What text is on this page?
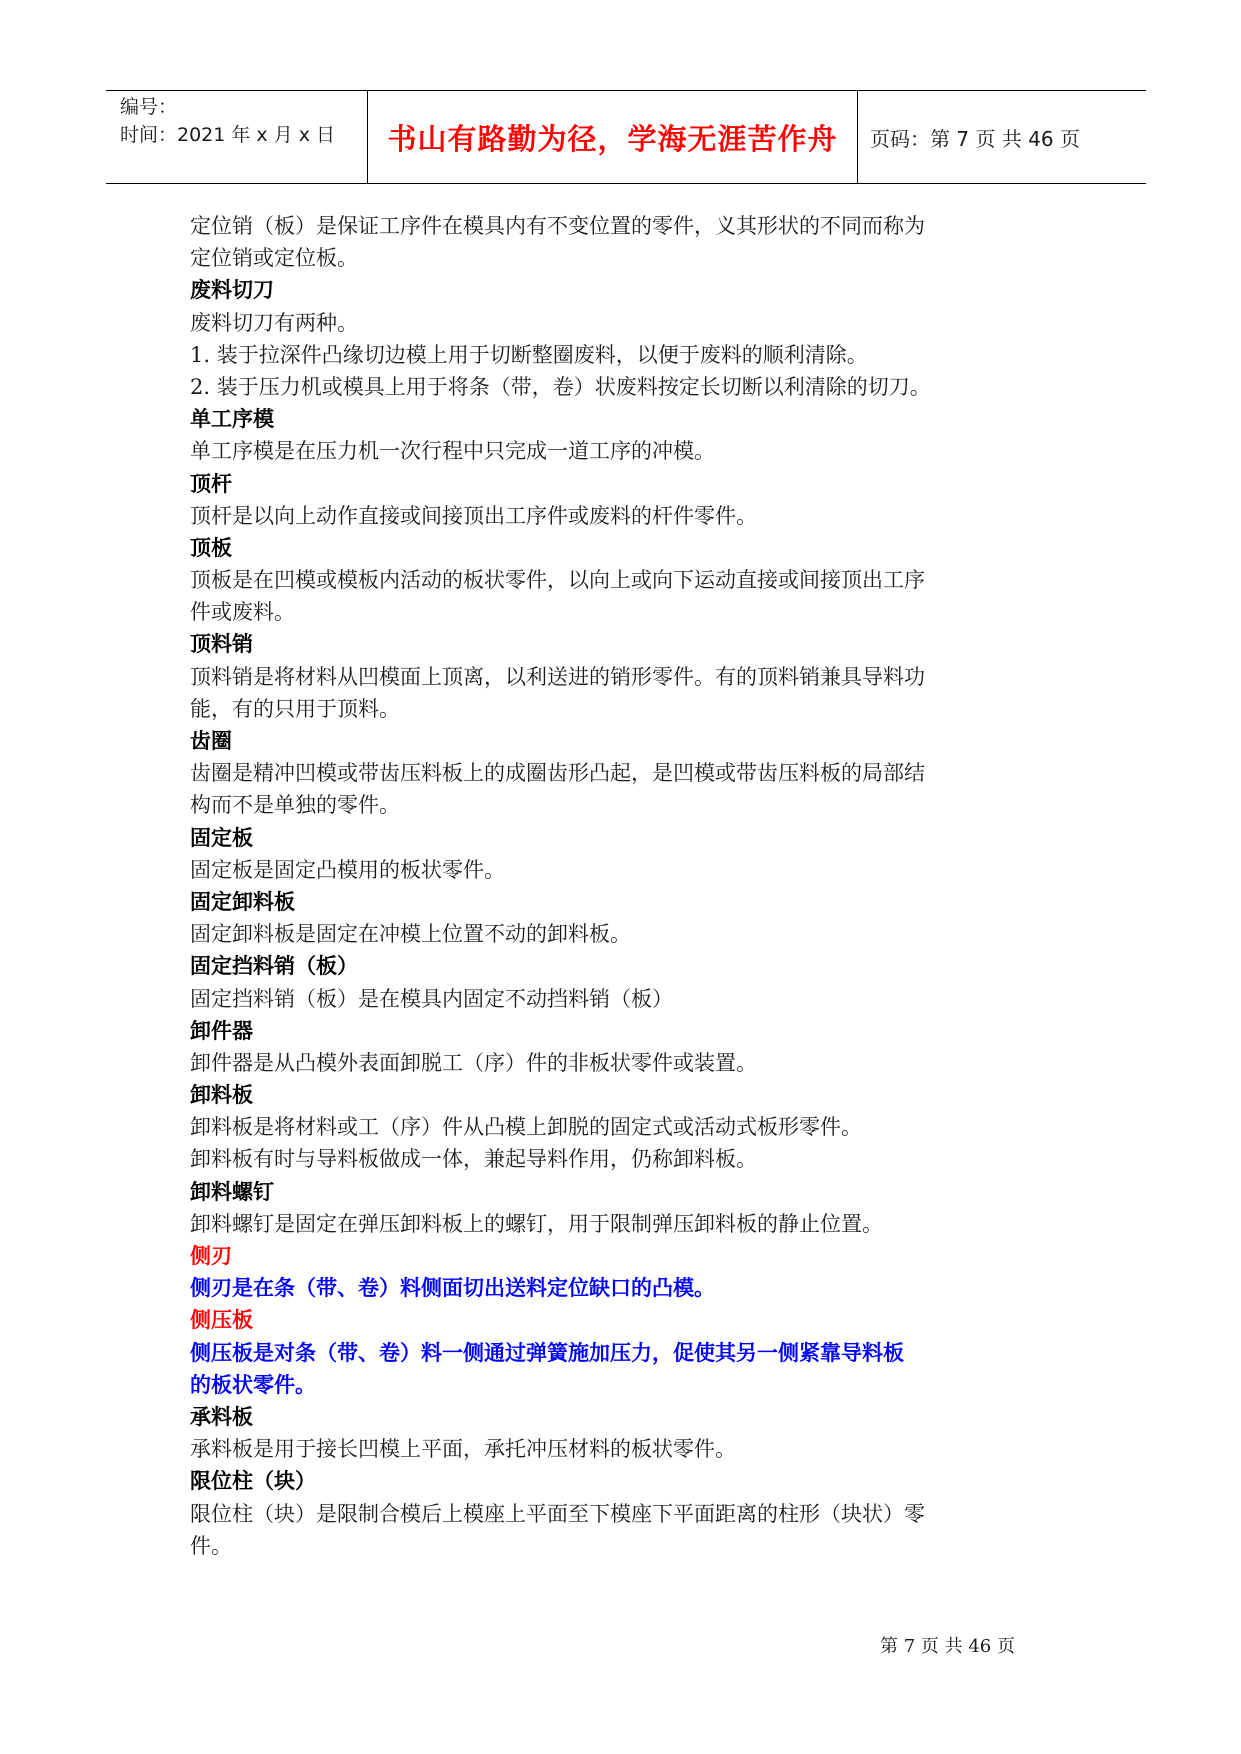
编号：
时间：2021 年 x 月 x 日	书山有路勤为径，学海无涯苦作舟 页码：第 7 页 共 46 页
定位销（板）是保证工序件在模具内有不变位置的零件，义其形状的不同而称为
定位销或定位板。
废料切刀
废料切刀有两种。
1. 装于拉深件凸缘切边模上用于切断整圈废料，以便于废料的顺利清除。
2. 装于压力机或模具上用于将条（带，卷）状废料按定长切断以利清除的切刀。
单工序模
单工序模是在压力机一次行程中只完成一道工序的冲模。
顶杆
顶杆是以向上动作直接或间接顶出工序件或废料的杆件零件。
顶板
顶板是在凹模或模板内活动的板状零件，以向上或向下运动直接或间接顶出工序
件或废料。
顶料销
顶料销是将材料从凹模面上顶离，以利送进的销形零件。有的顶料销兼具导料功
能，有的只用于顶料。
齿圈
齿圈是精冲凹模或带齿压料板上的成圈齿形凸起，是凹模或带齿压料板的局部结
构而不是单独的零件。
固定板
固定板是固定凸模用的板状零件。
固定卸料板
固定卸料板是固定在冲模上位置不动的卸料板。
固定挡料销（板）
固定挡料销（板）是在模具内固定不动挡料销（板）
卸件器
卸件器是从凸模外表面卸脱工（序）件的非板状零件或装置。
卸料板
卸料板是将材料或工（序）件从凸模上卸脱的固定式或活动式板形零件。
卸料板有时与导料板做成一体，兼起导料作用，仍称卸料板。
卸料螺钉
卸料螺钉是固定在弹压卸料板上的螺钉，用于限制弹压卸料板的静止位置。
侧刃
侧刃是在条（带、卷）料侧面切出送料定位缺口的凸模。
侧压板
侧压板是对条（带、卷）料一侧通过弹簧施加压力，促使其另一侧紧靠导料板
的板状零件。
承料板
承料板是用于接长凹模上平面，承托冲压材料的板状零件。
限位柱（块）
限位柱（块）是限制合模后上模座上平面至下模座下平面距离的柱形（块状）零
件。
第 7 页 共 46 页
